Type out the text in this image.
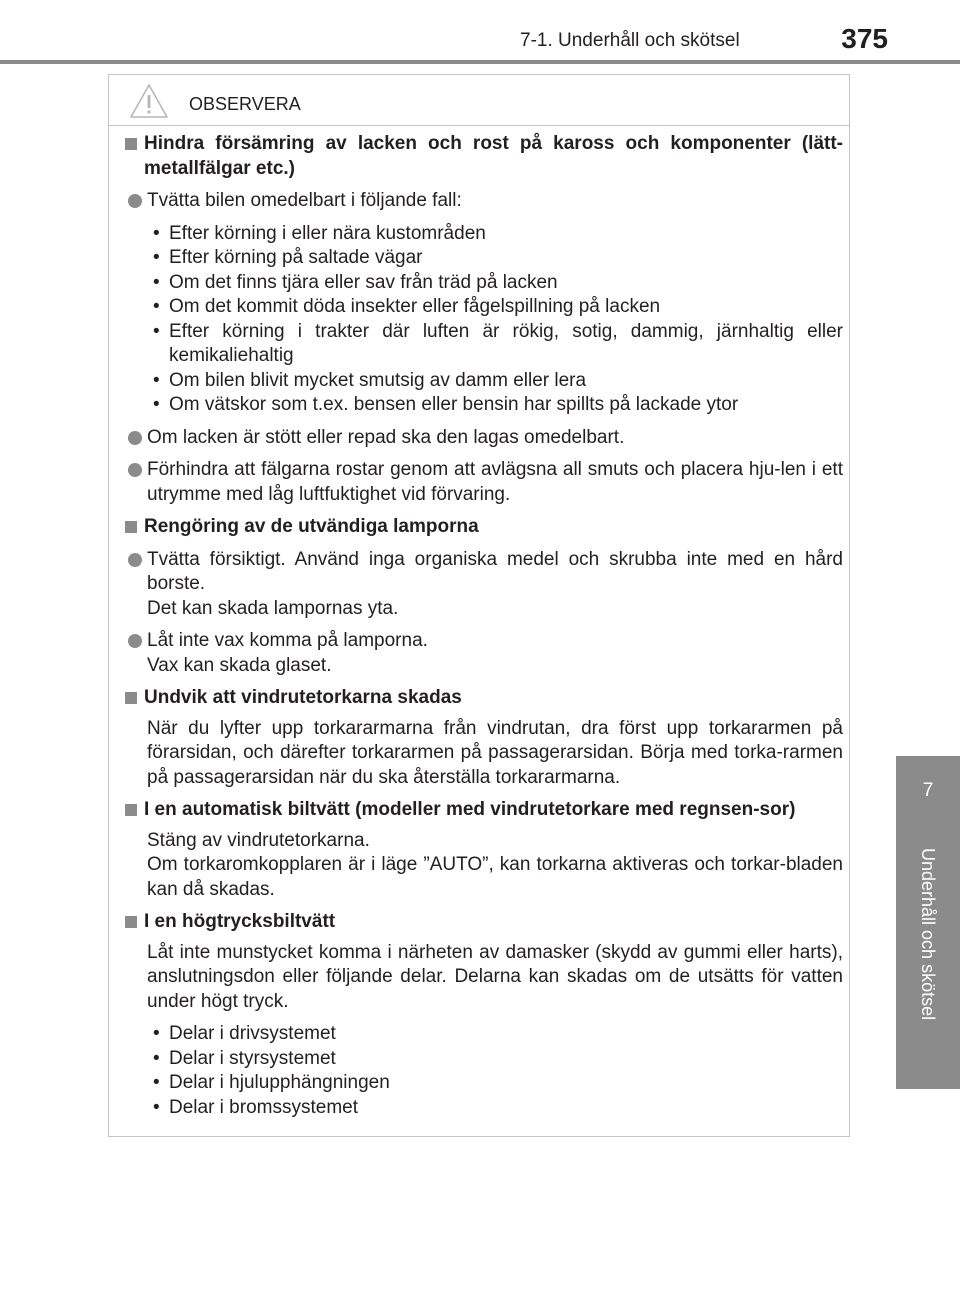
7-1. Underhåll och skötsel	375
7
Underhåll och skötsel
OBSERVERA
Hindra försämring av lacken och rost på kaross och komponenter (lätt-metallfälgar etc.)
Tvätta bilen omedelbart i följande fall:
• Efter körning i eller nära kustområden
• Efter körning på saltade vägar
• Om det finns tjära eller sav från träd på lacken
• Om det kommit döda insekter eller fågelspillning på lacken
• Efter körning i trakter där luften är rökig, sotig, dammig, järnhaltig eller kemikaliehaltig
• Om bilen blivit mycket smutsig av damm eller lera
• Om vätskor som t.ex. bensen eller bensin har spillts på lackade ytor
Om lacken är stött eller repad ska den lagas omedelbart.
Förhindra att fälgarna rostar genom att avlägsna all smuts och placera hju-len i ett utrymme med låg luftfuktighet vid förvaring.
Rengöring av de utvändiga lamporna
Tvätta försiktigt. Använd inga organiska medel och skrubba inte med en hård borste.
Det kan skada lampornas yta.
Låt inte vax komma på lamporna.
Vax kan skada glaset.
Undvik att vindrutetorkarna skadas
När du lyfter upp torkararmarna från vindrutan, dra först upp torkararmen på förarsidan, och därefter torkararmen på passagerarsidan. Börja med torka-rarmen på passagerarsidan när du ska återställa torkararmarna.
I en automatisk biltvätt (modeller med vindrutetorkare med regnsen-sor)
Stäng av vindrutetorkarna.
Om torkaromkopplaren är i läge ”AUTO”, kan torkarna aktiveras och torkar-bladen kan då skadas.
I en högtrycksbiltvätt
Låt inte munstycket komma i närheten av damasker (skydd av gummi eller harts), anslutningsdon eller följande delar. Delarna kan skadas om de utsätts för vatten under högt tryck.
• Delar i drivsystemet
• Delar i styrsystemet
• Delar i hjulupphängningen
• Delar i bromssystemet
